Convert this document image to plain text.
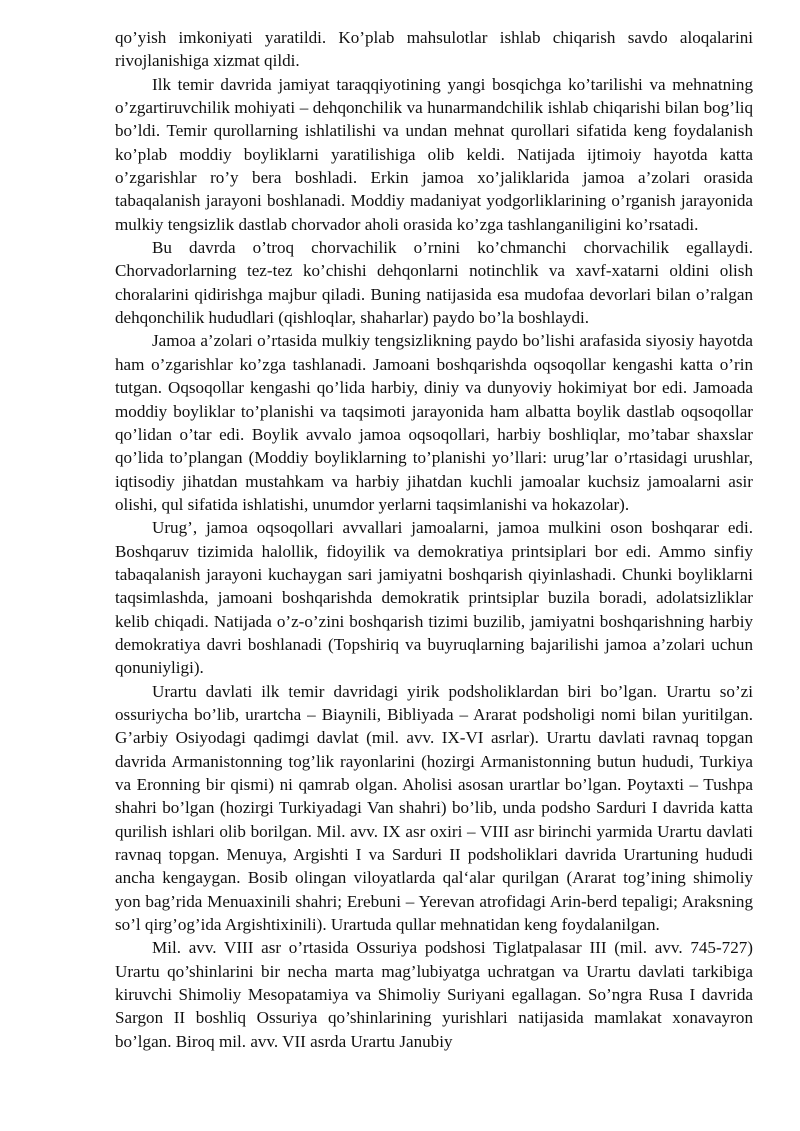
qo’yish imkoniyati yaratildi. Ko’plab mahsulotlar ishlab chiqarish savdo aloqalarini rivojlanishiga xizmat qildi.

Ilk temir davrida jamiyat taraqqiyotining yangi bosqichga ko’tarilishi va mehnatning o’zgartiruvchilik mohiyati – dehqonchilik va hunarmandchilik ishlab chiqarishi bilan bog’liq bo’ldi. Temir qurollarning ishlatilishi va undan mehnat qurollari sifatida keng foydalanish ko’plab moddiy boyliklarni yaratilishiga olib keldi. Natijada ijtimoiy hayotda katta o’zgarishlar ro’y bera boshladi. Erkin jamoa xo’jaliklarida jamoa a’zolari orasida tabaqalanish jarayoni boshlanadi. Moddiy madaniyat yodgorliklarining o’rganish jarayonida mulkiy tengsizlik dastlab chorvador aholi orasida ko’zga tashlanganiligini ko’rsatadi.

Bu davrda o’troq chorvachilik o’rnini ko’chmanchi chorvachilik egallaydi. Chorvadorlarning tez-tez ko’chishi dehqonlarni notinchlik va xavf-xatarni oldini olish choralarini qidirishga majbur qiladi. Buning natijasida esa mudofaa devorlari bilan o’ralgan dehqonchilik hududlari (qishloqlar, shaharlar) paydo bo’la boshlaydi.

Jamoa a’zolari o’rtasida mulkiy tengsizlikning paydo bo’lishi arafasida siyosiy hayotda ham o’zgarishlar ko’zga tashlanadi. Jamoani boshqarishda oqsoqollar kengashi katta o’rin tutgan. Oqsoqollar kengashi qo’lida harbiy, diniy va dunyoviy hokimiyat bor edi. Jamoada moddiy boyliklar to’planishi va taqsimoti jarayonida ham albatta boylik dastlab oqsoqollar qo’lidan o’tar edi. Boylik avvalo jamoa oqsoqollari, harbiy boshliqlar, mo’tabar shaxslar qo’lida to’plangan (Moddiy boyliklarning to’planishi yo’llari: urug’lar o’rtasidagi urushlar, iqtisodiy jihatdan mustahkam va harbiy jihatdan kuchli jamoalar kuchsiz jamoalarni asir olishi, qul sifatida ishlatishi, unumdor yerlarni taqsimlanishi va hokazolar).

Urug’, jamoa oqsoqollari avvallari jamoalarni, jamoa mulkini oson boshqarar edi. Boshqaruv tizimida halollik, fidoyilik va demokratiya printsiplari bor edi. Ammo sinfiy tabaqalanish jarayoni kuchaygan sari jamiyatni boshqarish qiyinlashadi. Chunki boyliklarni taqsimlashda, jamoani boshqarishda demokratik printsiplar buzila boradi, adolatsizliklar kelib chiqadi. Natijada o’z-o’zini boshqarish tizimi buzilib, jamiyatni boshqarishning harbiy demokratiya davri boshlanadi (Topshiriq va buyruqlarning bajarilishi jamoa a’zolari uchun qonuniyligi).

Urartu davlati ilk temir davridagi yirik podsholiklardan biri bo’lgan. Urartu so’zi ossuriycha bo’lib, urartcha – Biaynili, Bibliyada – Ararat podsholigi nomi bilan yuritilgan. G’arbiy Osiyodagi qadimgi davlat (mil. avv. IX-VI asrlar). Urartu davlati ravnaq topgan davrida Armanistonning tog’lik rayonlarini (hozirgi Armanistonning butun hududi, Turkiya va Eronning bir qismi) ni qamrab olgan. Aholisi asosan urartlar bo’lgan. Poytaxti – Tushpa shahri bo’lgan (hozirgi Turkiyadagi Van shahri) bo’lib, unda podsho Sarduri I davrida katta qurilish ishlari olib borilgan. Mil. avv. IX asr oxiri – VIII asr birinchi yarmida Urartu davlati ravnaq topgan. Menuya, Argishti I va Sarduri II podsholiklari davrida Urartuning hududi ancha kengaygan. Bosib olingan viloyatlarda qal‘alar qurilgan (Ararat tog’ining shimoliy yon bag’rida Menuaxinili shahri; Erebuni – Yerevan atrofidagi Arin-berd tepaligi; Araksning so’l qirg’og’ida Argishtixinili). Urartuda qullar mehnatidan keng foydalanilgan.

Mil. avv. VIII asr o’rtasida Ossuriya podshosi Tiglatpalasar III (mil. avv. 745-727) Urartu qo’shinlarini bir necha marta mag’lubiyatga uchratgan va Urartu davlati tarkibiga kiruvchi Shimoliy Mesopatamiya va Shimoliy Suriyani egallagan. So’ngra Rusa I davrida Sargon II boshliq Ossuriya qo’shinlarining yurishlari natijasida mamlakat xonavayron bo’lgan. Biroq mil. avv. VII asrda Urartu Janubiy
